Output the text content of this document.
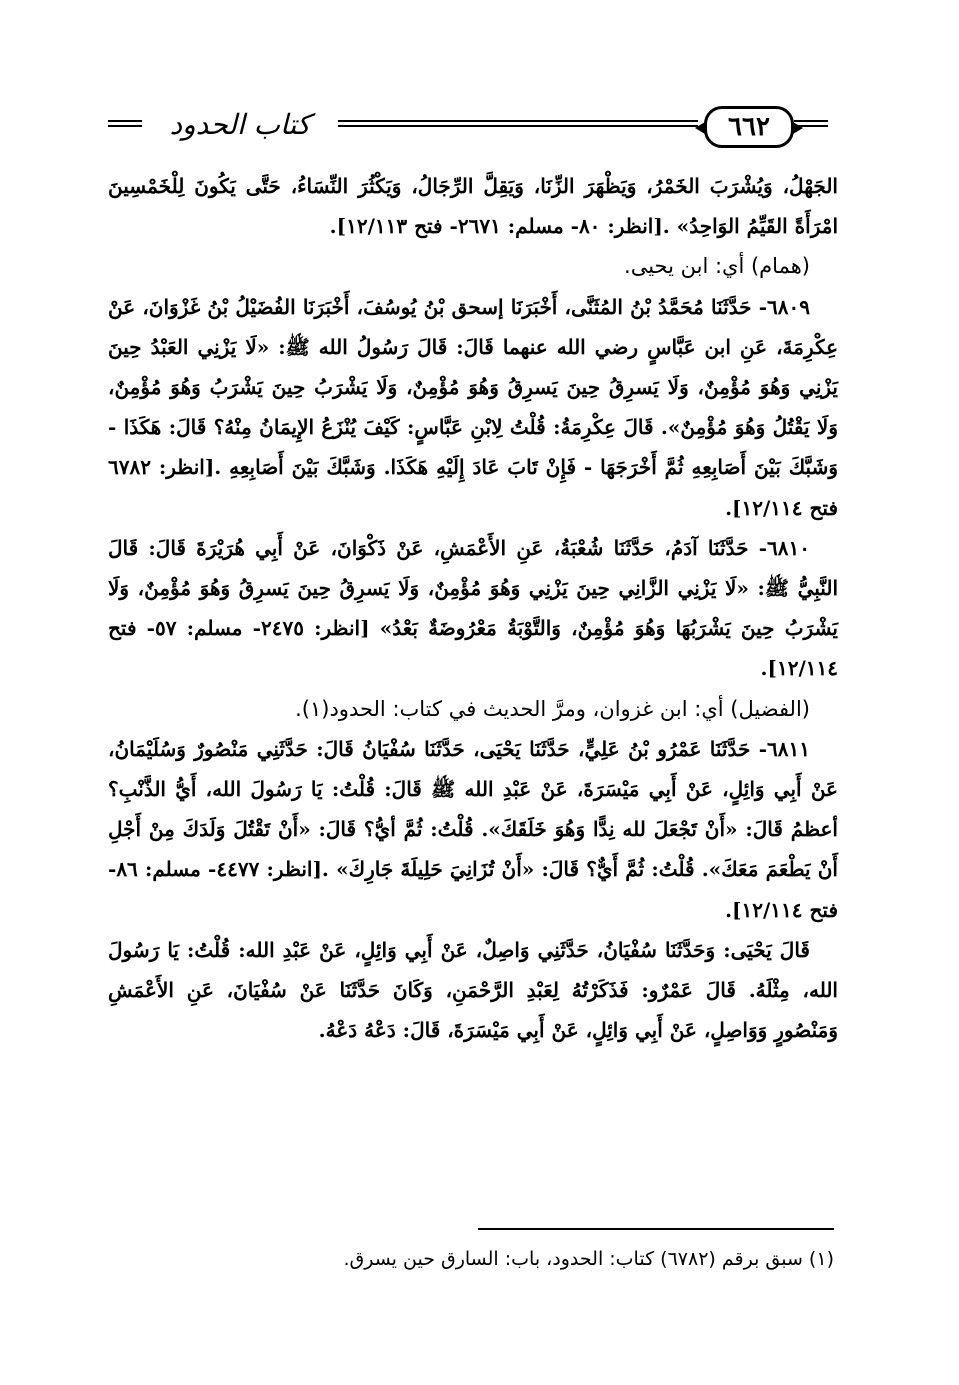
كتاب الحدود	٦٦٢

الجَهْلُ، وَيُشْرَبَ الخَمْرُ، وَيَظْهَرَ الزِّنَا، وَيَقِلَّ الرِّجَالُ، وَيَكْثُرَ النِّسَاءُ، حَتَّى يَكُونَ لِلْخَمْسِينَ امْرَأَةً القَيِّمُ الوَاحِدُ» .[انظر: ٨٠- مسلم: ٢٦٧١- فتح ١٢/١١٣].

(همام) أي: ابن يحيى.

٦٨٠٩- حَدَّثَنَا مُحَمَّدُ بْنُ المُثَنَّى، أَخْبَرَنَا إسحق بْنُ يُوسُفَ، أَخْبَرَنَا الفُضَيْلُ بْنُ غَزْوَانَ، عَنْ عِكْرِمَةَ، عَنِ ابن عَبَّاسٍ رضي الله عنهما قَالَ: قَالَ رَسُولُ الله ﷺ: «لَا يَزْنِي العَبْدُ حِينَ يَزْنِي وَهُوَ مُؤْمِنٌ، وَلَا يَسرِقُ حِينَ يَسرِقُ وَهُوَ مُؤْمِنٌ، وَلَا يَشْرَبُ حِينَ يَشْرَبُ وَهُوَ مُؤْمِنٌ، وَلَا يَقْتُلُ وَهُوَ مُؤْمِنٌ». قَالَ عِكْرِمَةُ: قُلْتُ لِابْنِ عَبَّاسٍ: كَيْفَ يُنْزَعُ الإِيمَانُ مِنْهُ؟ قَالَ: هَكَذَا - وَشَبَّكَ بَيْنَ أَصَابِعِهِ ثُمَّ أَخْرَجَهَا - فَإِنْ تَابَ عَادَ إِلَيْهِ هَكَذَا. وَشَبَّكَ بَيْنَ أَصَابِعِهِ .[انظر: ٦٧٨٢ فتح ١٢/١١٤].

٦٨١٠- حَدَّثَنَا آدَمُ، حَدَّثَنَا شُعْبَةُ، عَنِ الأَعْمَشِ، عَنْ ذَكْوَانَ، عَنْ أَبِي هُرَيْرَةَ قَالَ: قَالَ النَّبِيُّ ﷺ: «لَا يَزْنِي الزَّانِي حِينَ يَزْنِي وَهُوَ مُؤْمِنٌ، وَلَا يَسرِقُ حِينَ يَسرِقُ وَهُوَ مُؤْمِنٌ، وَلَا يَشْرَبُ حِينَ يَشْرَبُهَا وَهُوَ مُؤْمِنٌ، وَالتَّوْبَةُ مَعْرُوضَةٌ بَعْدُ» [انظر: ٢٤٧٥- مسلم: ٥٧- فتح ١٢/١١٤].

(الفضيل) أي: ابن غزوان، ومرَّ الحديث في كتاب: الحدود(١).

٦٨١١- حَدَّثَنَا عَمْرُو بْنُ عَلِيٍّ، حَدَّثَنَا يَحْيَى، حَدَّثَنَا سُفْيَانُ قَالَ: حَدَّثَنِي مَنْصُورٌ وَسُلَيْمَانُ، عَنْ أَبِي وَائِلٍ، عَنْ أَبِي مَيْسَرَةَ، عَنْ عَبْدِ الله ﷺ قَالَ: قُلْتُ: يَا رَسُولَ الله، أَيُّ الذَّنْبِ؟ أعظمُ قَالَ: «أَنْ تَجْعَلَ لله نِدًّا وَهُوَ خَلَقَكَ». قُلْتُ: ثُمَّ أيُّ؟ قَالَ: «أَنْ تَقْتُلَ وَلَدَكَ مِنْ أَجْلِ أَنْ يَطْعَمَ مَعَكَ». قُلْتُ: ثُمَّ أَيٌّ؟ قَالَ: «أَنْ تُزَانِيَ حَلِيلَةَ جَارِكَ» .[انظر: ٤٤٧٧- مسلم: ٨٦- فتح ١٢/١١٤].

قَالَ يَحْيَى: وَحَدَّثَنَا سُفْيَانُ، حَدَّثَنِي وَاصِلٌ، عَنْ أَبِي وَائِلٍ، عَنْ عَبْدِ الله: قُلْتُ: يَا رَسُولَ الله، مِثْلَهُ. قَالَ عَمْرٌو: فَذَكَرْتُهُ لِعَبْدِ الرَّحْمَنِ، وَكَانَ حَدَّثَنَا عَنْ سُفْيَانَ، عَنِ الأَعْمَشِ وَمَنْصُورٍ وَوَاصِلٍ، عَنْ أَبِي وَائِلٍ، عَنْ أَبِي مَيْسَرَةَ، قَالَ: دَعْهُ دَعْهُ.

(١) سبق برقم (٦٧٨٢) كتاب: الحدود، باب: السارق حين يسرق.
